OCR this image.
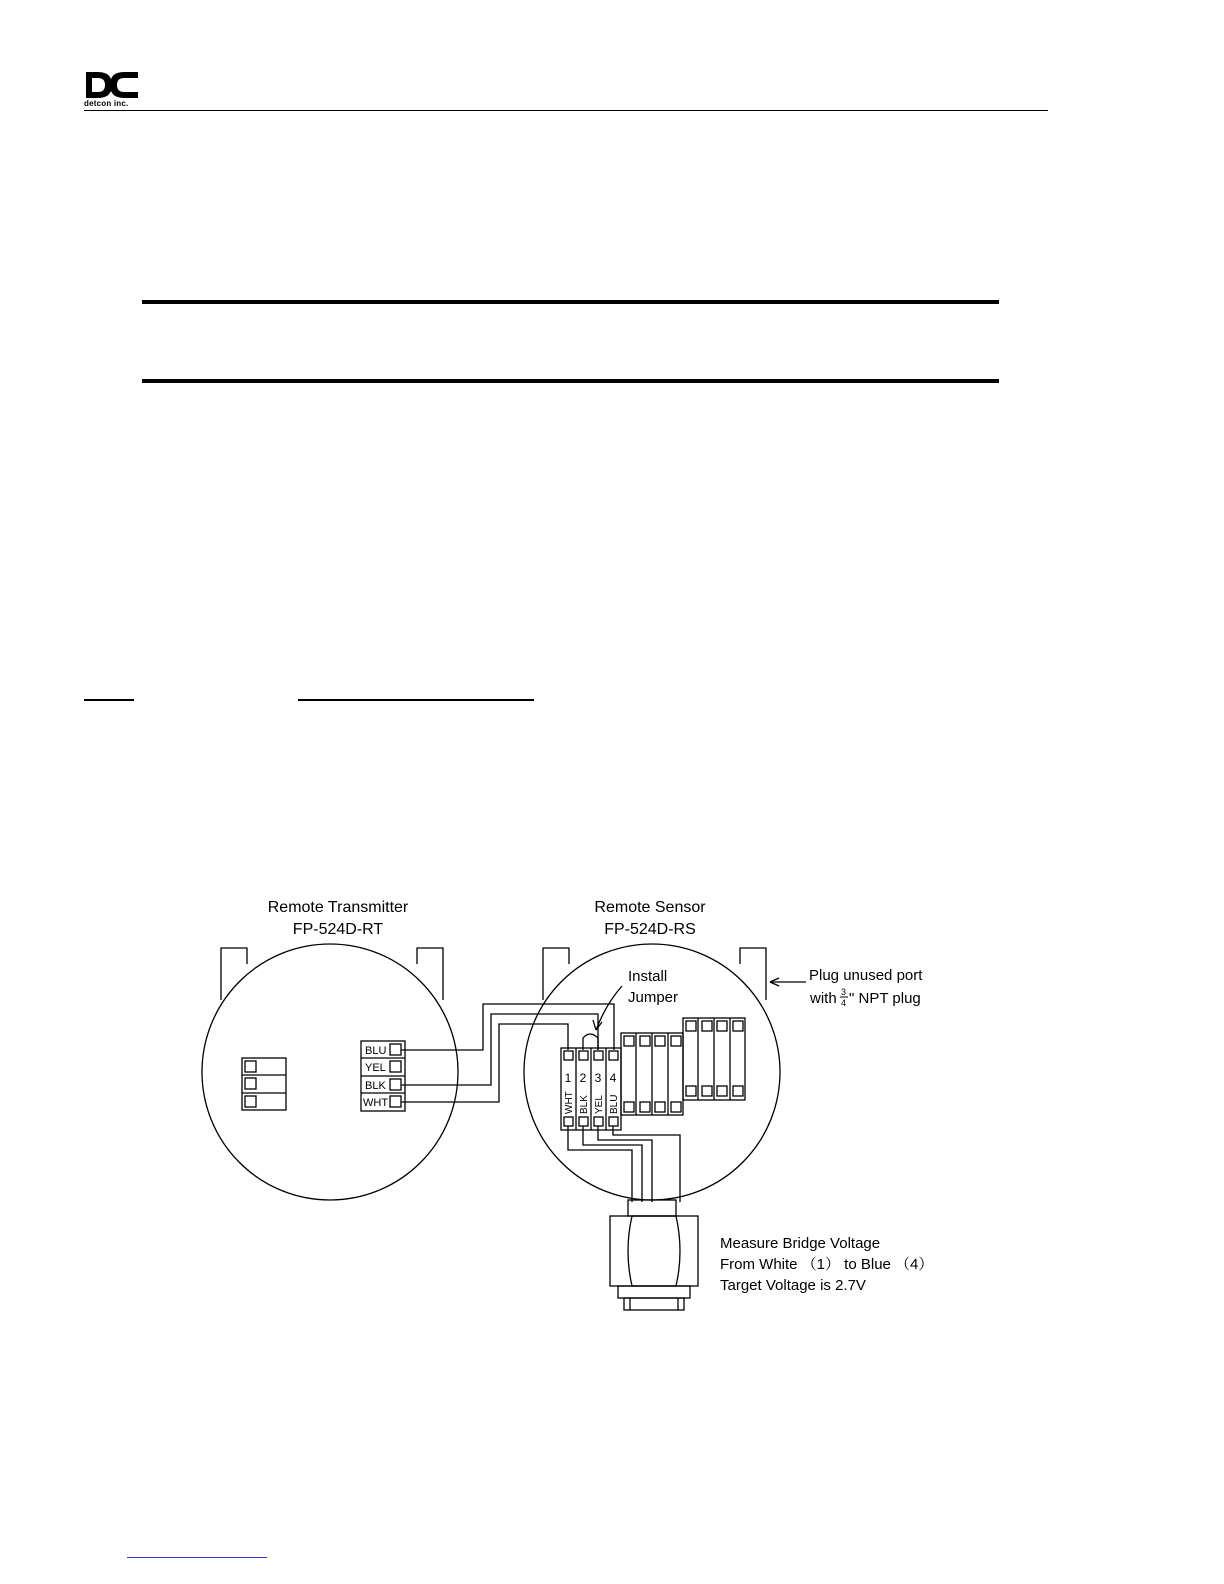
detcon inc.
Remote Transmitter
FP-524D-RT
Remote Sensor
FP-524D-RS
BLU
YEL
BLK
WHT
Install
Jumper
1 2 3 4
WHT BLK YEL BLU
Plug unused port
with 3
4 " NPT plug
Measure Bridge Voltage
From White （1） to Blue （4）
Target Voltage is 2.7V
